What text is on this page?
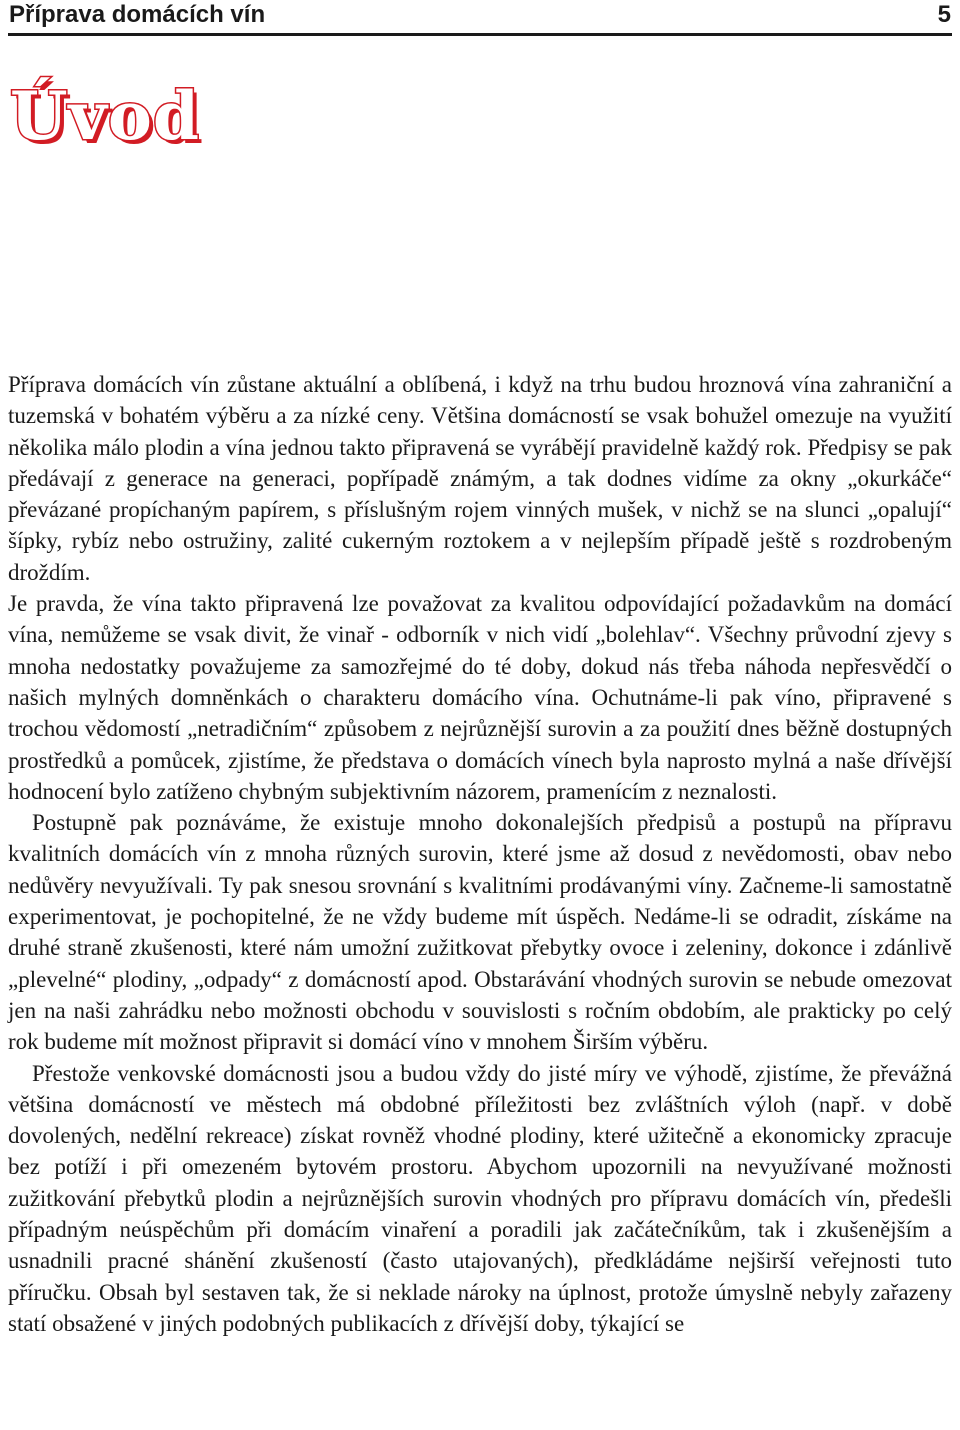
Příprava domácích vín	5
Úvod

Příprava domácích vín zůstane aktuální a oblíbená, i když na trhu budou hroznová vína zahraniční a tuzemská v bohatém výběru a za nízké ceny. Většina domácností se vsak bohužel omezuje na využití několika málo plodin a vína jednou takto připravená se vyrábějí pravidelně každý rok. Předpisy se pak předávají z generace na generaci, popřípadě známým, a tak dodnes vidíme za okny „okurkáče“ převázané propíchaným papírem, s příslušným rojem vinných mušek, v nichž se na slunci „opalují“ šípky, rybíz nebo ostružiny, zalité cukerným roztokem a v nejlepším případě ještě s rozdrobeným droždím.

Je pravda, že vína takto připravená lze považovat za kvalitou odpovídající požadavkům na domácí vína, nemůžeme se vsak divit, že vinař - odborník v nich vidí „bolehlav“. Všechny průvodní zjevy s mnoha nedostatky považujeme za samozřejmé do té doby, dokud nás třeba náhoda nepřesvědčí o našich mylných domněnkách o charakteru domácího vína. Ochutnáme-li pak víno, připravené s trochou vědomostí „netradičním“ způsobem z nejrůznější surovin a za použití dnes běžně dostupných prostředků a pomůcek, zjistíme, že představa o domácích vínech byla naprosto mylná a naše dřívější hodnocení bylo zatíženo chybným subjektivním názorem, pramenícím z neznalosti.

Postupně pak poznáváme, že existuje mnoho dokonalejších předpisů a postupů na přípravu kvalitních domácích vín z mnoha různých surovin, které jsme až dosud z nevědomosti, obav nebo nedůvěry nevyužívali. Ty pak snesou srovnání s kvalitními prodávanými víny. Začneme-li samostatně experimentovat, je pochopitelné, že ne vždy budeme mít úspěch. Nedáme-li se odradit, získáme na druhé straně zkušenosti, které nám umožní zužitkovat přebytky ovoce i zeleniny, dokonce i zdánlivě „plevelné“ plodiny, „odpady“ z domácností apod. Obstarávání vhodných surovin se nebude omezovat jen na naši zahrádku nebo možnosti obchodu v souvislosti s ročním obdobím, ale prakticky po celý rok budeme mít možnost připravit si domácí víno v mnohem Širším výběru.

Přestože venkovské domácnosti jsou a budou vždy do jisté míry ve výhodě, zjistíme, že převážná většina domácností ve městech má obdobné příležitosti bez zvláštních výloh (např. v době dovolených, nedělní rekreace) získat rovněž vhodné plodiny, které užitečně a ekonomicky zpracuje bez potíží i při omezeném bytovém prostoru. Abychom upozornili na nevyužívané možnosti zužitkování přebytků plodin a nejrůznějších surovin vhodných pro přípravu domácích vín, předešli případným neúspěchům při domácím vinaření a poradili jak začátečníkům, tak i zkušenějším a usnadnili pracné shánění zkušeností (často utajovaných), předkládáme nejširší veřejnosti tuto příručku. Obsah byl sestaven tak, že si neklade nároky na úplnost, protože úmyslně nebyly zařazeny statí obsažené v jiných podobných publikacích z dřívější doby, týkající se
